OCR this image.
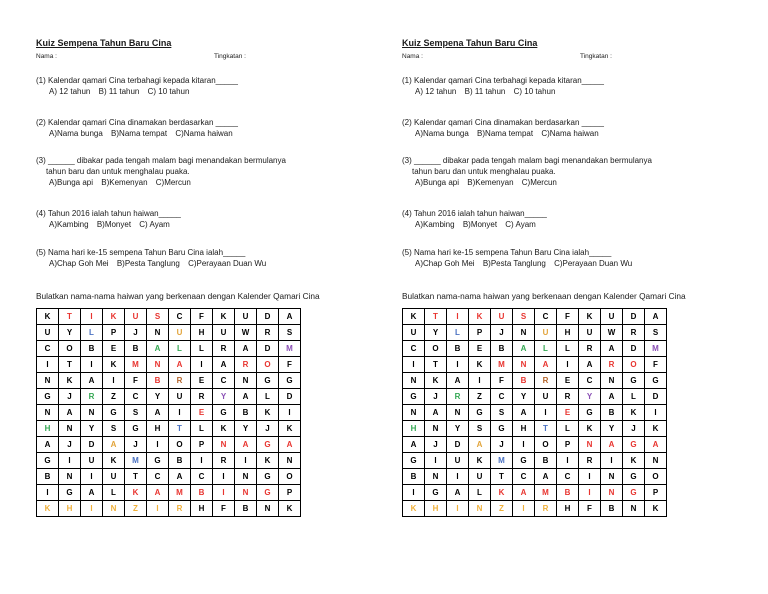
Kuiz Sempena Tahun Baru Cina
Nama :	Tingkatan :
(1) Kalendar qamari Cina terbahagi kepada kitaran_____
A) 12 tahun B) 11 tahun C) 10 tahun
(2) Kalendar qamari Cina dinamakan berdasarkan _____
A)Nama bunga B)Nama tempat C)Nama haiwan
(3) ______ dibakar pada tengah malam bagi menandakan bermulanya
tahun baru dan untuk menghalau puaka.
A)Bunga api B)Kemenyan C)Mercun
(4) Tahun 2016 ialah tahun haiwan_____
A)Kambing B)Monyet C) Ayam
(5) Nama hari ke-15 sempena Tahun Baru Cina ialah_____
A)Chap Goh Mei B)Pesta Tanglung C)Perayaan Duan Wu
Bulatkan nama-nama haiwan yang berkenaan dengan Kalender Qamari Cina
K	T	I	K	U	S	C	F	K	U	D	A
U	Y	L	P	J	N	U	H	U	W	R	S
C	O	B	E	B	A	L	L	R	A	D	M
I	T	I	K	M	N	A	I	A	R	O	F
N	K	A	I	F	B	R	E	C	N	G	G
G	J	R	Z	C	Y	U	R	Y	A	L	D
N	A	N	G	S	A	I	E	G	B	K	I
H	N	Y	S	G	H	T	L	K	Y	J	K
A	J	D	A	J	I	O	P	N	A	G	A
G	I	U	K	M	G	B	I	R	I	K	N
B	N	I	U	T	C	A	C	I	N	G	O
I	G	A	L	K	A	M	B	I	N	G	P
K	H	I	N	Z	I	R	H	F	B	N	K
Kuiz Sempena Tahun Baru Cina
Nama :	Tingkatan :
(1) Kalendar qamari Cina terbahagi kepada kitaran_____
A) 12 tahun B) 11 tahun C) 10 tahun
(2) Kalendar qamari Cina dinamakan berdasarkan _____
A)Nama bunga B)Nama tempat C)Nama haiwan
(3) ______ dibakar pada tengah malam bagi menandakan bermulanya
tahun baru dan untuk menghalau puaka.
A)Bunga api B)Kemenyan C)Mercun
(4) Tahun 2016 ialah tahun haiwan_____
A)Kambing B)Monyet C) Ayam
(5) Nama hari ke-15 sempena Tahun Baru Cina ialah_____
A)Chap Goh Mei B)Pesta Tanglung C)Perayaan Duan Wu
Bulatkan nama-nama haiwan yang berkenaan dengan Kalender Qamari Cina
K	T	I	K	U	S	C	F	K	U	D	A
U	Y	L	P	J	N	U	H	U	W	R	S
C	O	B	E	B	A	L	L	R	A	D	M
I	T	I	K	M	N	A	I	A	R	O	F
N	K	A	I	F	B	R	E	C	N	G	G
G	J	R	Z	C	Y	U	R	Y	A	L	D
N	A	N	G	S	A	I	E	G	B	K	I
H	N	Y	S	G	H	T	L	K	Y	J	K
A	J	D	A	J	I	O	P	N	A	G	A
G	I	U	K	M	G	B	I	R	I	K	N
B	N	I	U	T	C	A	C	I	N	G	O
I	G	A	L	K	A	M	B	I	N	G	P
K	H	I	N	Z	I	R	H	F	B	N	K
